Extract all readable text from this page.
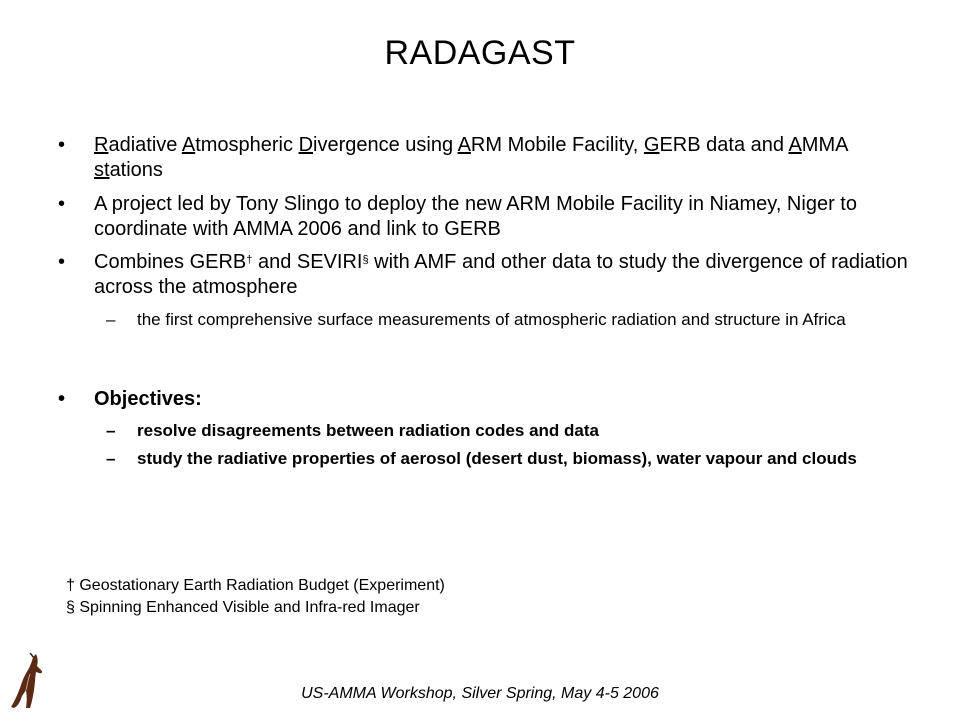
RADAGAST
•	Radiative Atmospheric Divergence using ARM Mobile Facility, GERB data and AMMA stations
•	A project led by Tony Slingo to deploy the new ARM Mobile Facility in Niamey, Niger to coordinate with AMMA 2006 and link to GERB
•	Combines GERB† and SEVIRI§ with AMF and other data to study the divergence of radiation across the atmosphere
– the first comprehensive surface measurements of atmospheric radiation and structure in Africa
•	Objectives:
– resolve disagreements between radiation codes and data
– study the radiative properties of aerosol (desert dust, biomass), water vapour and clouds
† Geostationary Earth Radiation Budget (Experiment)
§ Spinning Enhanced Visible and Infra-red Imager
US-AMMA Workshop, Silver Spring, May 4-5 2006
